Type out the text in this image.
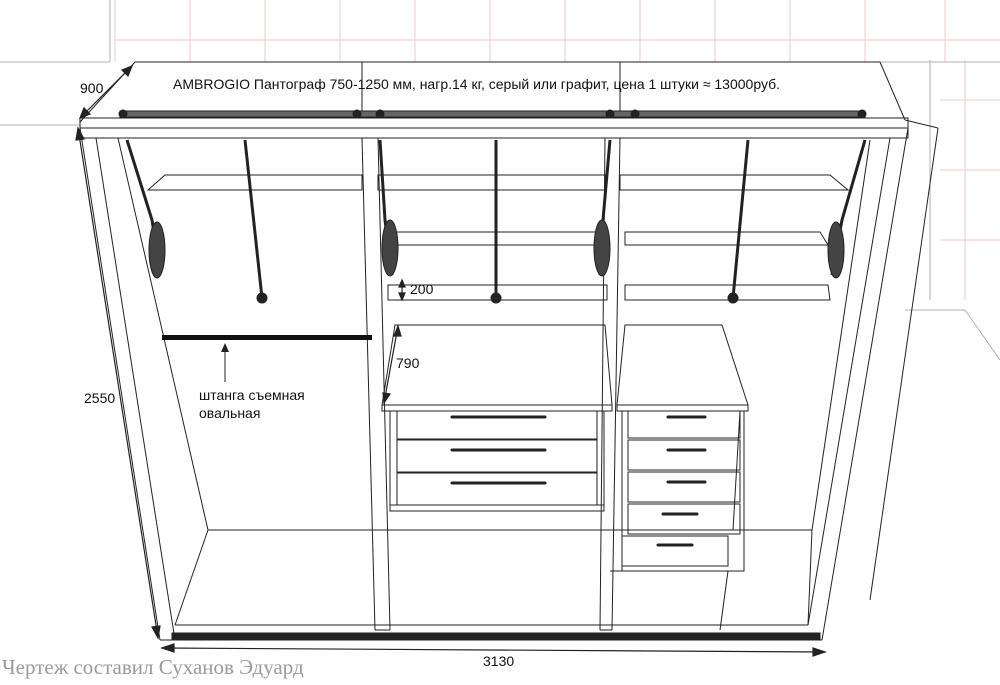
AMBROGIO Пантограф 750-1250 мм, нагр.14 кг, серый или графит, цена 1 штуки ≈ 13000руб.
900
2550
3130
200
790
штанга съемная
овальная
Чертеж составил Суханов Эдуард
